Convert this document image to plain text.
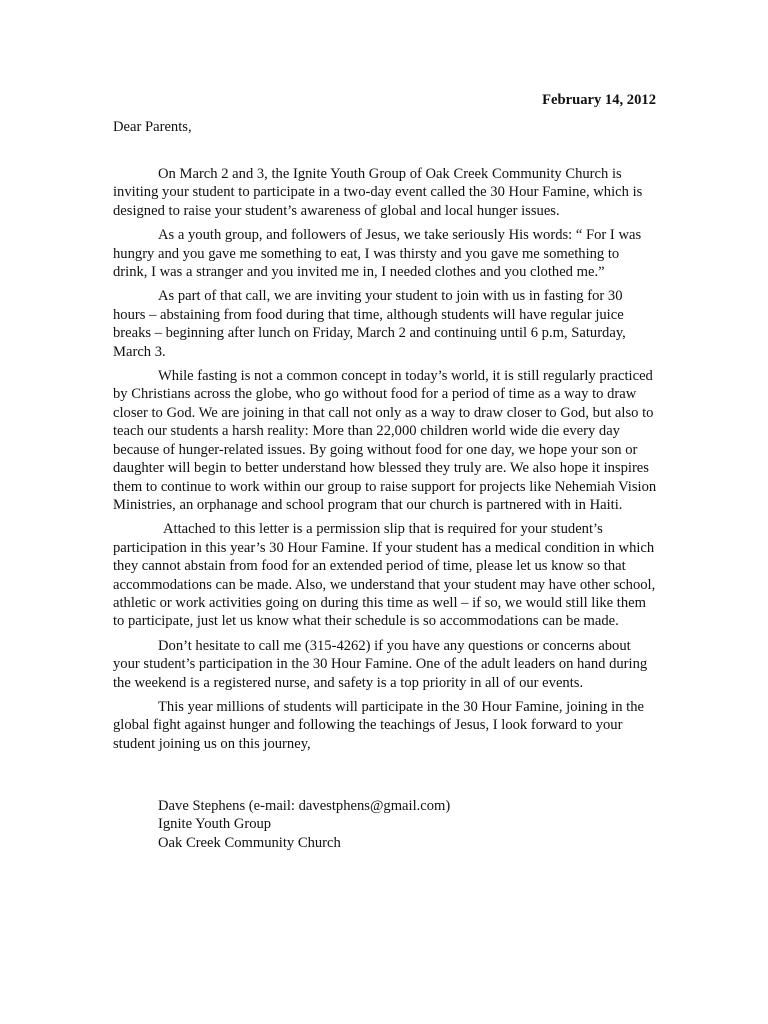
February 14, 2012
Dear Parents,

On March 2 and 3, the Ignite Youth Group of Oak Creek Community Church is inviting your student to participate in a two-day event called the 30 Hour Famine, which is designed to raise your student’s awareness of global and local hunger issues.

As a youth group, and followers of Jesus, we take seriously His words: “ For I was hungry and you gave me something to eat, I was thirsty and you gave me something to drink, I was a stranger and you invited me in, I needed clothes and you clothed me.”

As part of that call, we are inviting your student to join with us in fasting for 30 hours – abstaining from food during that time, although students will have regular juice breaks – beginning after lunch on Friday, March 2 and continuing until 6 p.m, Saturday, March 3.

While fasting is not a common concept in today’s world, it is still regularly practiced by Christians across the globe, who go without food for a period of time as a way to draw closer to God. We are joining in that call not only as a way to draw closer to God, but also to teach our students a harsh reality: More than 22,000 children world wide die every day because of hunger-related issues. By going without food for one day, we hope your son or daughter will begin to better understand how blessed they truly are. We also hope it inspires them to continue to work within our group to raise support for projects like Nehemiah Vision Ministries, an orphanage and school program that our church is partnered with in Haiti.

Attached to this letter is a permission slip that is required for your student’s participation in this year’s 30 Hour Famine. If your student has a medical condition in which they cannot abstain from food for an extended period of time, please let us know so that accommodations can be made. Also, we understand that your student may have other school, athletic or work activities going on during this time as well – if so, we would still like them to participate, just let us know what their schedule is so accommodations can be made.

Don’t hesitate to call me (315-4262) if you have any questions or concerns about your student’s participation in the 30 Hour Famine. One of the adult leaders on hand during the weekend is a registered nurse, and safety is a top priority in all of our events.

This year millions of students will participate in the 30 Hour Famine, joining in the global fight against hunger and following the teachings of Jesus, I look forward to your student joining us on this journey,

Dave Stephens (e-mail: davestphens@gmail.com)
Ignite Youth Group
Oak Creek Community Church
